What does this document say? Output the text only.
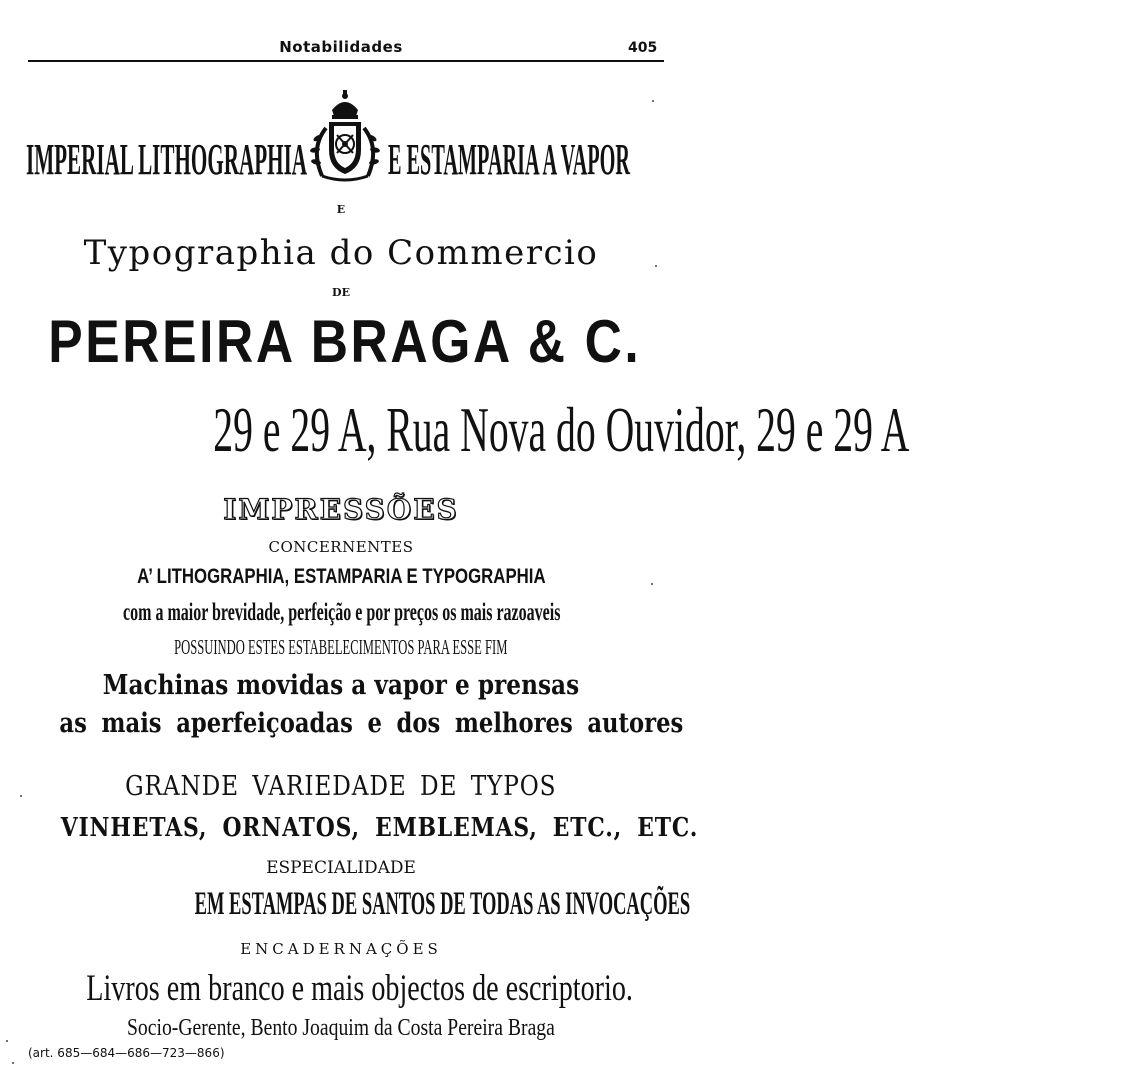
Notabilidades	405
IMPERIAL LITHOGRAPHIA E ESTAMPARIA A VAPOR
E
Typographia do Commercio
DE
PEREIRA BRAGA & C.
29 e 29 A, Rua Nova do Ouvidor, 29 e 29 A
IMPRESSÕES
CONCERNENTES
A’ LITHOGRAPHIA, ESTAMPARIA E TYPOGRAPHIA
com a maior brevidade, perfeição e por preços os mais razoaveis
POSSUINDO ESTES ESTABELECIMENTOS PARA ESSE FIM
Machinas movidas a vapor e prensas
as mais aperfeiçoadas e dos melhores autores
GRANDE VARIEDADE DE TYPOS
VINHETAS, ORNATOS, EMBLEMAS, ETC., ETC.
ESPECIALIDADE
EM ESTAMPAS DE SANTOS DE TODAS AS INVOCAÇÕES
ENCADERNAÇÕES
Livros em branco e mais objectos de escriptorio.
Socio-Gerente, Bento Joaquim da Costa Pereira Braga
(art. 685—684—686—723—866)
